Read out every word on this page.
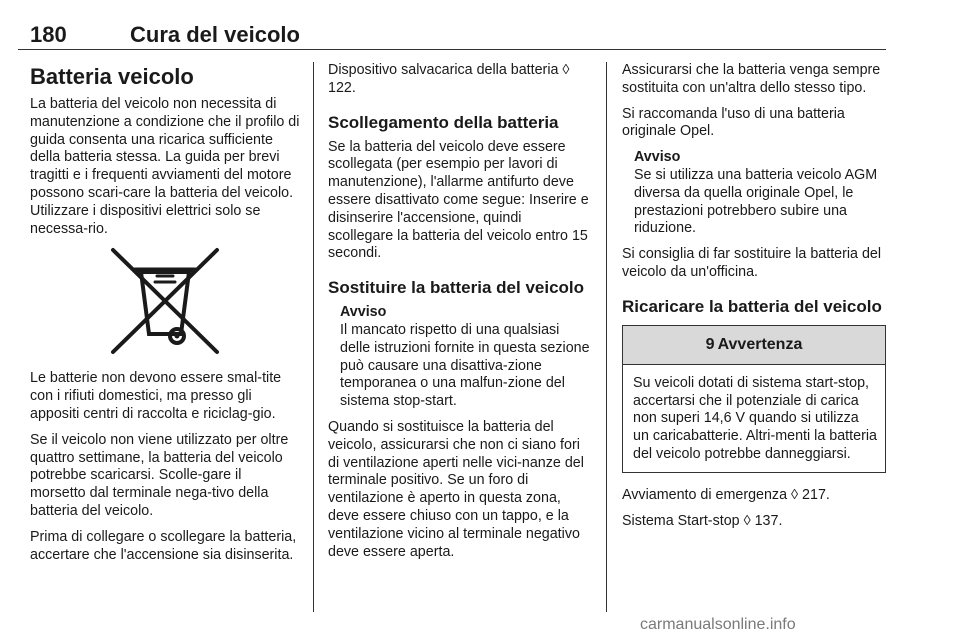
180	Cura del veicolo
Batteria veicolo

La batteria del veicolo non necessita di manutenzione a condizione che il profilo di guida consenta una ricarica sufficiente della batteria stessa. La guida per brevi tragitti e i frequenti avviamenti del motore possono scari-care la batteria del veicolo. Utilizzare i dispositivi elettrici solo se necessa-rio.

Le batterie non devono essere smal-tite con i rifiuti domestici, ma presso gli appositi centri di raccolta e riciclag-gio.

Se il veicolo non viene utilizzato per oltre quattro settimane, la batteria del veicolo potrebbe scaricarsi. Scolle-gare il morsetto dal terminale nega-tivo della batteria del veicolo.

Prima di collegare o scollegare la batteria, accertare che l'accensione sia disinserita.

Dispositivo salvacarica della batteria ◊ 122.

Scollegamento della batteria

Se la batteria del veicolo deve essere scollegata (per esempio per lavori di manutenzione), l'allarme antifurto deve essere disattivato come segue: Inserire e disinserire l'accensione, quindi scollegare la batteria del veicolo entro 15 secondi.

Sostituire la batteria del veicolo
Avviso

Il mancato rispetto di una qualsiasi delle istruzioni fornite in questa sezione può causare una disattiva-zione temporanea o una malfun-zione del sistema stop-start.

Quando si sostituisce la batteria del veicolo, assicurarsi che non ci siano fori di ventilazione aperti nelle vici-nanze del terminale positivo. Se un foro di ventilazione è aperto in questa zona, deve essere chiuso con un tappo, e la ventilazione vicino al terminale negativo deve essere aperta.

Assicurarsi che la batteria venga sempre sostituita con un'altra dello stesso tipo.

Si raccomanda l'uso di una batteria originale Opel.

Avviso

Se si utilizza una batteria veicolo AGM diversa da quella originale Opel, le prestazioni potrebbero subire una riduzione.

Si consiglia di far sostituire la batteria del veicolo da un'officina.

Ricaricare la batteria del veicolo
9 Avvertenza

Su veicoli dotati di sistema start-stop, accertarsi che il potenziale di carica non superi 14,6 V quando si utilizza un caricabatterie. Altri-menti la batteria del veicolo potrebbe danneggiarsi.

Avviamento di emergenza ◊ 217.

Sistema Start-stop ◊ 137.

carmanualsonline.info
